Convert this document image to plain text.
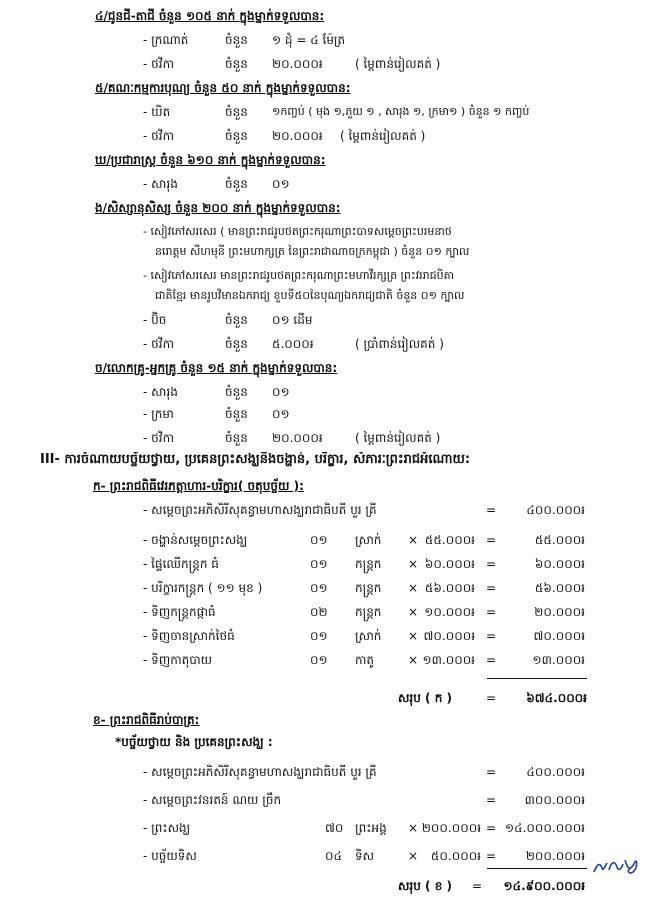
៤/ជូនជី-តាជី ចំនួន ១០៥ នាក់ ក្នុងម្នាក់ទទួលបាន:
- ក្រណាត់	ចំនួន ១ ដុំ = ៤ ម៉ែត្រ
- ថវិកា	ចំនួន ២០.០០០៛	( ម្តៃពាន់រៀលគត់ )
៥/គណៈកម្មការបុណ្យ ចំនួន ៥០ នាក់ ក្នុងម្នាក់ទទួលបាន:
- ឃិត	ចំនួន ១កញ្ចប់ ( មុង ១,ភួយ ១ , សារុង ១, ក្រមា១ ) ចំនួន ១ កញ្ចប់
- ថវិកា	ចំនួន ២០.០០០៛ ( ម្តៃពាន់រៀលគត់ )
ឃ/ប្រជារាស្ត្រ ចំនួន ៦១០ នាក់ ក្នុងម្នាក់ទទួលបាន:
- សារុង	ចំនួន ០១
ង/សិស្សានុសិស្ស ចំនួន ២០០ នាក់ ក្នុងម្នាក់ទទួលបាន:
- សៀវភៅសរសេរ ( មានព្រះរាជរូបថតព្រះករុណាព្រះបាទសម្តេចព្រះបរមនាថ
នរោត្តម សីហមុនី ព្រះមហាក្សត្រ នៃព្រះរាជាណាចក្រកម្ពុជា ) ចំនួន ០១ ក្បាល
- សៀវភៅសរសេរ មានព្រះរាជរូបថតព្រះករុណាព្រះមហាវីរក្សត្រ ព្រះវររាជបិតា
ជាតិខ្មែរ មានរូបវិមានឯករាជ្យ ខួបទី៥០នៃបុណ្យឯករាជ្យជាតិ ចំនួន ០១ ក្បាល
- ប៊ិច	ចំនួន ០១ ដើម
- ថវិកា	ចំនួន ៥.០០០៛	( ប្រាំពាន់រៀលគត់ )
ច/លោកគ្រូ-អ្នកគ្រូ ចំនួន ១៥ នាក់ ក្នុងម្នាក់ទទួលបាន:
- សារុង	ចំនួន ០១
- ក្រមា	ចំនួន ០១
- ថវិកា	ចំនួន ២០.០០០៛	( ម្តៃពាន់រៀលគត់ )
III- ការចំណាយបច្ច័យថ្វាយ, ប្រគេនព្រះសង្ឃនិងចង្ហាន់, បរិក្ខារ, សំភារៈព្រះរាជអំណោយ:
ក- ព្រះរាជពិធីវេរភត្តាហារ-បរិក្ខារ( ចតុបច្ច័យ ):
- សម្តេចព្រះអភិសិរីសុគន្ធាមហាសង្ឃរាជាធិបតី បួរ គ្រី	=	៤០០.០០០៛
- ចង្ហាន់សម្តេចព្រះសង្ឃ	០១ ស្រាក់ × ៥៥.០០០៛ =	៥៥.០០០៛
- ផ្ទៃឈើកន្ត្រក ធំ	០១ កន្ត្រក × ៦០.០០០៛ =	៦០.០០០៛
- បរិក្ខារកន្ត្រក ( ១១ មុខ )	០១ កន្ត្រក × ៥៦.០០០៛ =	៥៦.០០០៛
- ទិញកន្ត្រកផ្កាធំ	០២ កន្ត្រក × ១០.០០០៛ =	២០.០០០៛
- ទិញចានស្រាក់ថៃធំ	០១ ស្រាក់ × ៧០.០០០៛ =	៧០.០០០៛
- ទិញកាតុបាយ	០១ កាតូ	× ១៣.០០០៛ =	១៣.០០០៛
សរុប ( ក )	=	៦៧៤.០០០៛
ខ- ព្រះរាជពិធីរាប់បាត្រ:
*បច្ច័យថ្វាយ និង ប្រគេនព្រះសង្ឃ :
- សម្តេចព្រះអភិសិរីសុគន្ធាមហាសង្ឃរាជាធិបតី បួរ គ្រី	=	៤០០.០០០៛
- សម្តេចព្រះវនរតន៍ ណយ ច្រឹក	=	៣០០.០០០៛
- ព្រះសង្ឃ	៧០ ព្រះអង្គ × ២០០.០០០៛ = ១៤.០០០.០០០៛
- បច្ច័យទិស	០៤ ទិស	×	៥០.០០០៛ =	២០០.០០០៛
សរុប ( ខ ) =	១៤.៩០០.០០០៛
